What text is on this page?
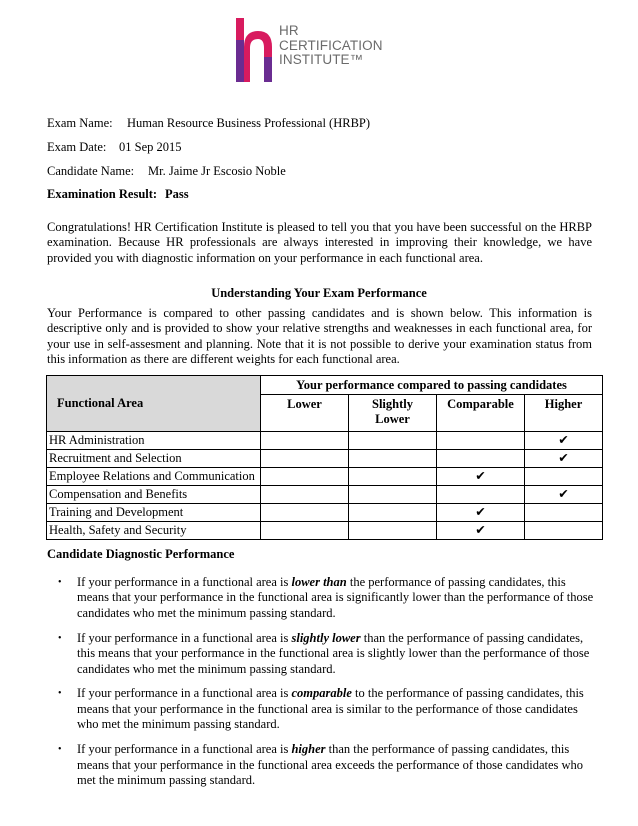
HR
CERTIFICATION
INSTITUTE™
Exam Name: Human Resource Business Professional (HRBP)
Exam Date: 01 Sep 2015
Candidate Name: Mr. Jaime Jr Escosio Noble
Examination Result: Pass
Congratulations! HR Certification Institute is pleased to tell you that you have been successful on the HRBP examination. Because HR professionals are always interested in improving their knowledge, we have provided you with diagnostic information on your performance in each functional area.
Understanding Your Exam Performance
Your Performance is compared to other passing candidates and is shown below. This information is descriptive only and is provided to show your relative strengths and weaknesses in each functional area, for your use in self-assesment and planning. Note that it is not possible to derive your examination status from this information as there are different weights for each functional area.
Functional Area	Your performance compared to passing candidates			
	Lower	Slightly Lower	Comparable	Higher
HR Administration				✔
Recruitment and Selection				✔
Employee Relations and Communication			✔	
Compensation and Benefits				✔
Training and Development			✔	
Health, Safety and Security			✔	
Candidate Diagnostic Performance
• If your performance in a functional area is lower than the performance of passing candidates, this means that your performance in the functional area is significantly lower than the performance of those candidates who met the minimum passing standard.
• If your performance in a functional area is slightly lower than the performance of passing candidates, this means that your performance in the functional area is slightly lower than the performance of those candidates who met the minimum passing standard.
• If your performance in a functional area is comparable to the performance of passing candidates, this means that your performance in the functional area is similar to the performance of those candidates who met the minimum passing standard.
• If your performance in a functional area is higher than the performance of passing candidates, this means that your performance in the functional area exceeds the performance of those candidates who met the minimum passing standard.
